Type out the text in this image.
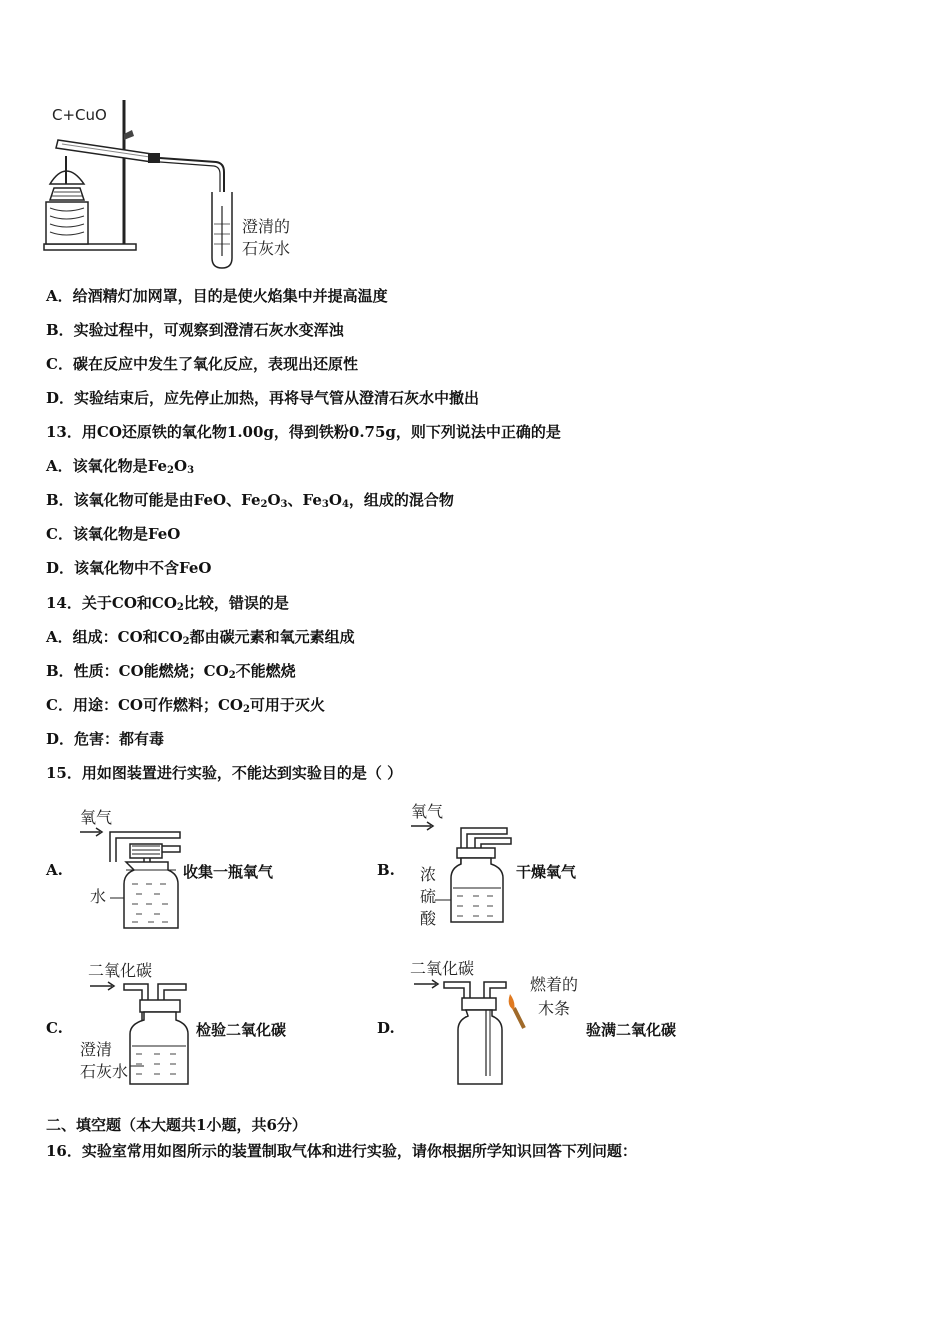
C+CuO
澄清的
石灰水
A．给酒精灯加网罩，目的是使火焰集中并提高温度
B．实验过程中，可观察到澄清石灰水变浑浊
C．碳在反应中发生了氧化反应，表现出还原性
D．实验结束后，应先停止加热，再将导气管从澄清石灰水中撤出
13．用CO还原铁的氧化物1.00g，得到铁粉0.75g，则下列说法中正确的是
A．该氧化物是$Fe_2O_3$
B．该氧化物可能是由FeO、$Fe_2O_3$、$Fe_3O_4$，组成的混合物
C．该氧化物是FeO
D．该氧化物中不含FeO
14．关于CO和$CO_2$比较，错误的是
A．组成：CO和$CO_2$都由碳元素和氧元素组成
B．性质：CO能燃烧；$CO_2$不能燃烧
C．用途：CO可作燃料；$CO_2$可用于灭火
D．危害：都有毒
15．用如图装置进行实验，不能达到实验目的是（ ）
A.
氧气
水
收集一瓶氧气	B.
氧气
浓
硫
酸
干燥氧气
C.
二氧化碳
澄清
石灰水
检验二氧化碳	D.
二氧化碳
燃着的
木条
验满二氧化碳
二、填空题（本大题共1小题，共6分）
16．实验室常用如图所示的装置制取气体和进行实验，请你根据所学知识回答下列问题：
